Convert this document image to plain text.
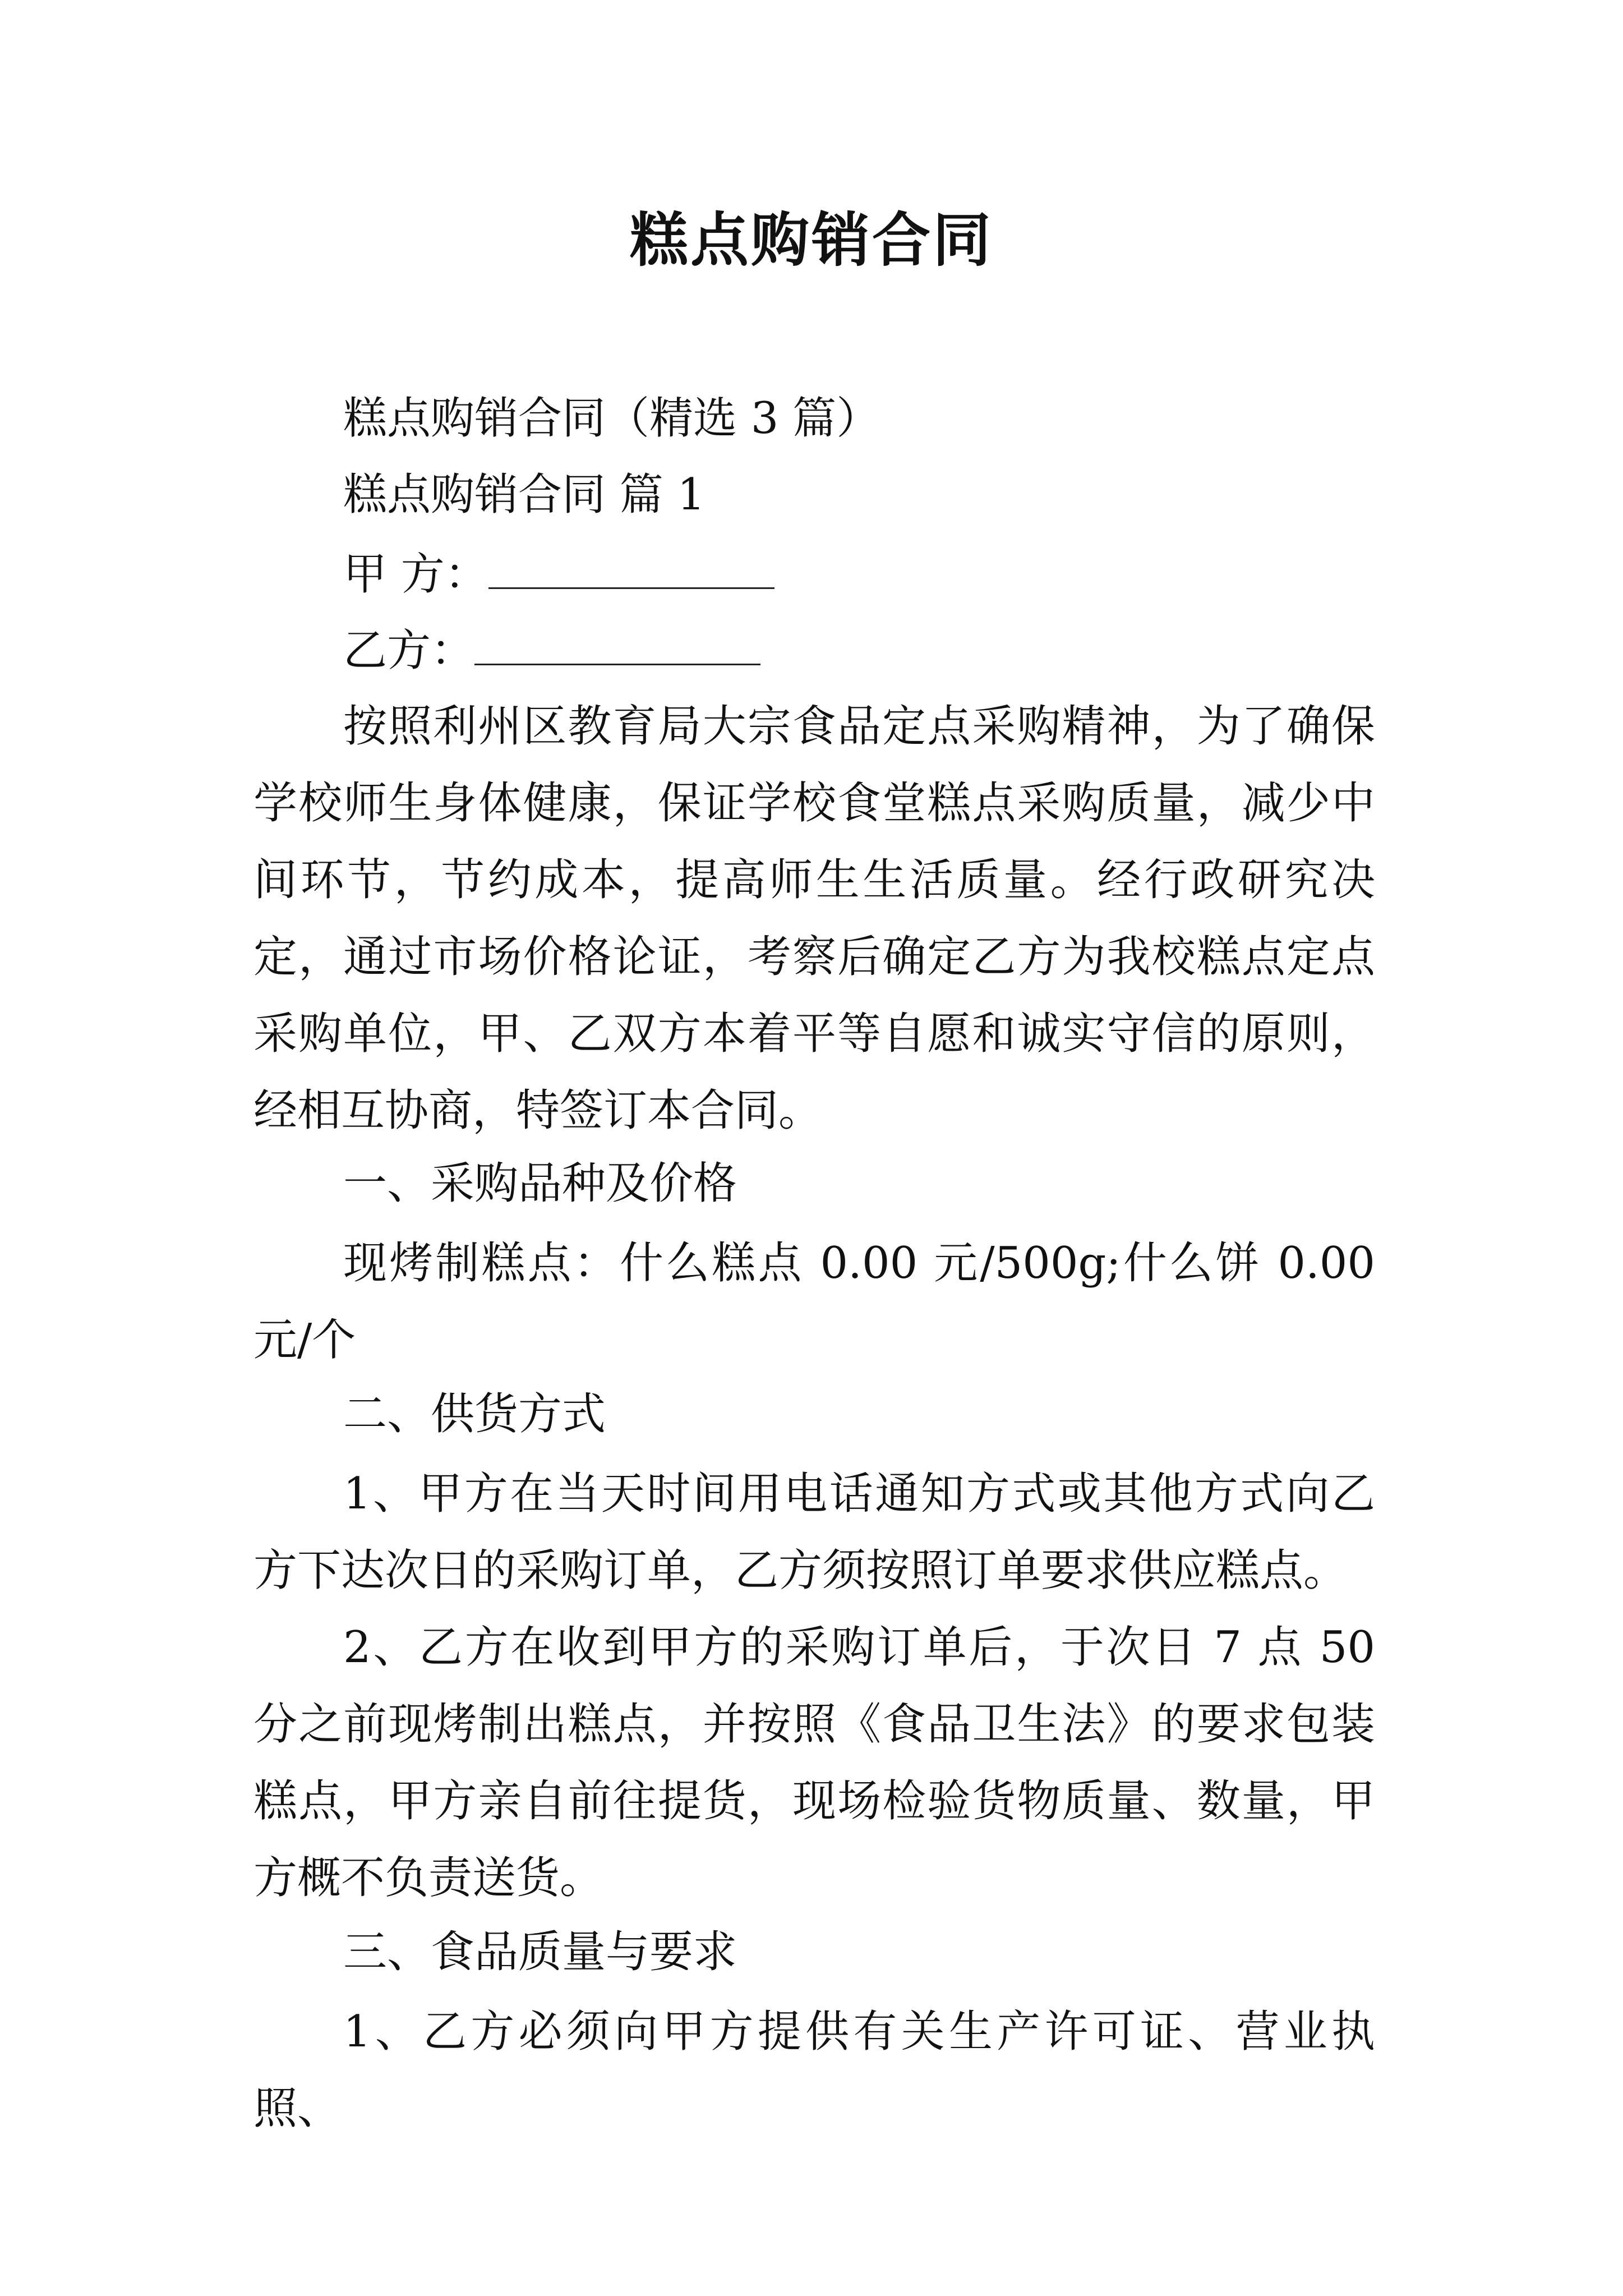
糕点购销合同
糕点购销合同（精选 3 篇）
糕点购销合同 篇 1
甲 方：
乙方：
按照利州区教育局大宗食品定点采购精神，为了确保学校师生身体健康，保证学校食堂糕点采购质量，减少中间环节，节约成本，提高师生生活质量。经行政研究决定，通过市场价格论证，考察后确定乙方为我校糕点定点采购单位，甲、乙双方本着平等自愿和诚实守信的原则，经相互协商，特签订本合同。
一、采购品种及价格
现烤制糕点：什么糕点 0.00 元/500g;什么饼 0.00 元/个
二、供货方式
1、甲方在当天时间用电话通知方式或其他方式向乙方下达次日的采购订单，乙方须按照订单要求供应糕点。
2、乙方在收到甲方的采购订单后，于次日 7 点 50 分之前现烤制出糕点，并按照《食品卫生法》的要求包装糕点，甲方亲自前往提货，现场检验货物质量、数量，甲方概不负责送货。
三、食品质量与要求
1、乙方必须向甲方提供有关生产许可证、营业执照、
